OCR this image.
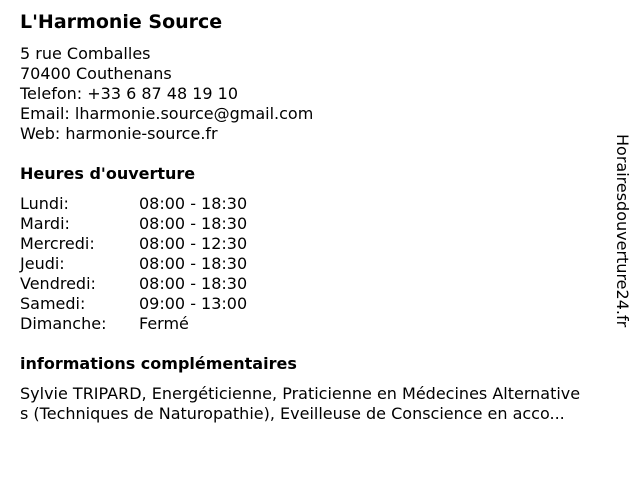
L'Harmonie Source
5 rue Comballes
70400 Couthenans
Telefon: +33 6 87 48 19 10
Email: lharmonie.source@gmail.com
Web: harmonie-source.fr
Heures d'ouverture
Lundi:	08:00 - 18:30
Mardi:	08:00 - 18:30
Mercredi:	08:00 - 12:30
Jeudi:	08:00 - 18:30
Vendredi:	08:00 - 18:30
Samedi:	09:00 - 13:00
Dimanche: Fermé
informations complémentaires
Sylvie TRIPARD, Energéticienne, Praticienne en Médecines Alternative
s (Techniques de Naturopathie), Eveilleuse de Conscience en acco...
Horairesdouverture24.fr
